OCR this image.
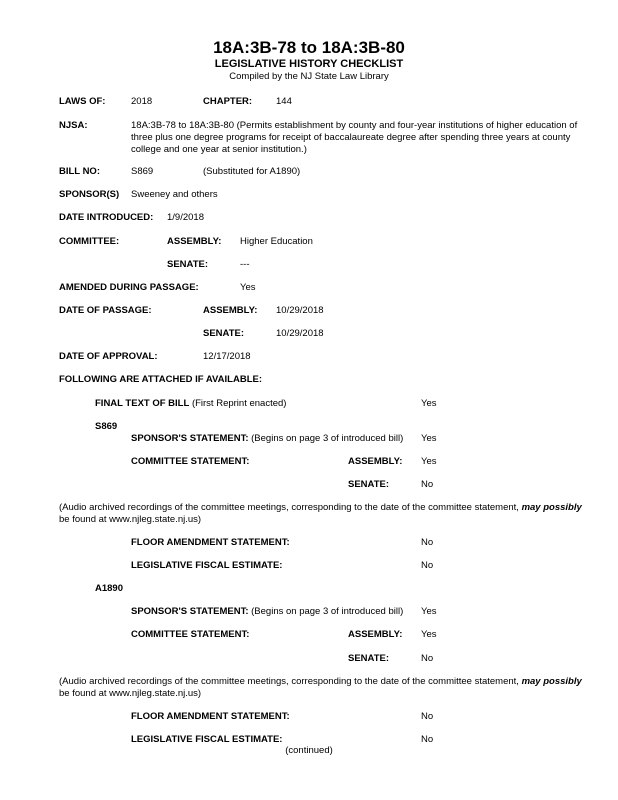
18A:3B-78 to 18A:3B-80
LEGISLATIVE HISTORY CHECKLIST
Compiled by the NJ State Law Library
LAWS OF:	2018	CHAPTER:	144
NJSA:	18A:3B-78 to 18A:3B-80 (Permits establishment by county and four-year institutions of higher education of three plus one degree programs for receipt of baccalaureate degree after spending three years at county college and one year at senior institution.)
BILL NO:	S869	(Substituted for A1890)
SPONSOR(S) Sweeney and others
DATE INTRODUCED: 1/9/2018
COMMITTEE:	ASSEMBLY: Higher Education
SENATE:	---
AMENDED DURING PASSAGE:	Yes
DATE OF PASSAGE:	ASSEMBLY: 10/29/2018
SENATE:	10/29/2018
DATE OF APPROVAL:	12/17/2018
FOLLOWING ARE ATTACHED IF AVAILABLE:
FINAL TEXT OF BILL (First Reprint enacted)	Yes
S869
SPONSOR'S STATEMENT: (Begins on page 3 of introduced bill) Yes
COMMITTEE STATEMENT:	ASSEMBLY: Yes
SENATE:	No
(Audio archived recordings of the committee meetings, corresponding to the date of the committee statement, may possibly
be found at www.njleg.state.nj.us)
FLOOR AMENDMENT STATEMENT:	No
LEGISLATIVE FISCAL ESTIMATE:	No
A1890
SPONSOR'S STATEMENT: (Begins on page 3 of introduced bill) Yes
COMMITTEE STATEMENT:	ASSEMBLY: Yes
SENATE:	No
(Audio archived recordings of the committee meetings, corresponding to the date of the committee statement, may possibly
be found at www.njleg.state.nj.us)
FLOOR AMENDMENT STATEMENT:	No
LEGISLATIVE FISCAL ESTIMATE:	No
(continued)
